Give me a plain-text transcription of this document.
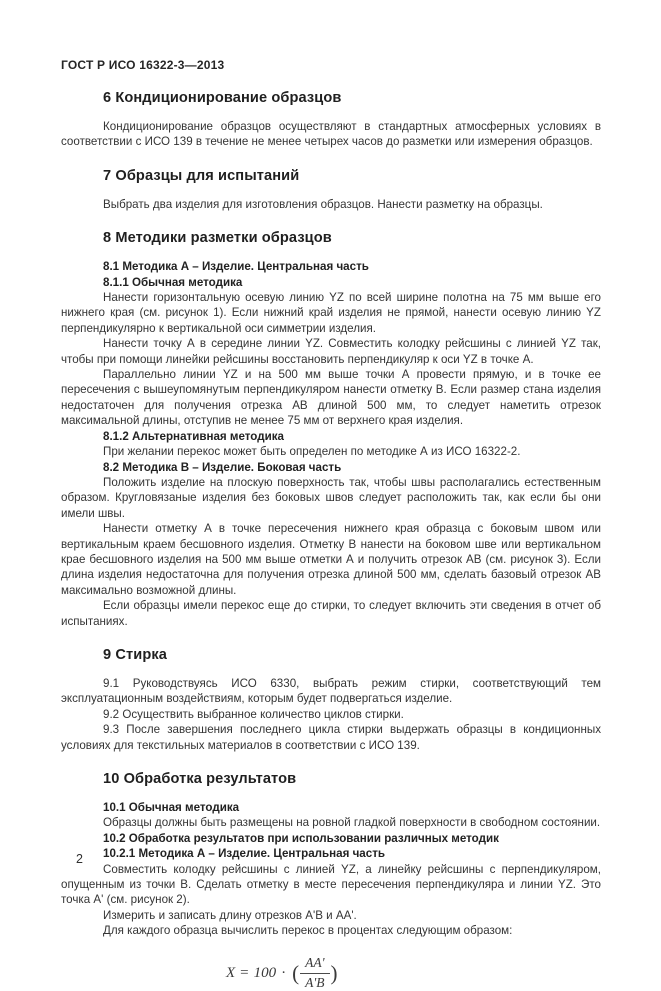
ГОСТ Р ИСО 16322-3—2013
6 Кондиционирование образцов

Кондиционирование образцов осуществляют в стандартных атмосферных условиях в соответствии с ИСО 139 в течение не менее четырех часов до разметки или измерения образцов.

7 Образцы для испытаний

Выбрать два изделия для изготовления образцов. Нанести разметку на образцы.

8 Методики разметки образцов

8.1 Методика А – Изделие. Центральная часть

8.1.1 Обычная методика

Нанести горизонтальную осевую линию YZ по всей ширине полотна на 75 мм выше его нижнего края (см. рисунок 1). Если нижний край изделия не прямой, нанести осевую линию YZ перпендикулярно к вертикальной оси симметрии изделия.

Нанести точку А в середине линии YZ. Совместить колодку рейсшины с линией YZ так, чтобы при помощи линейки рейсшины восстановить перпендикуляр к оси YZ в точке А.

Параллельно линии YZ и на 500 мм выше точки А провести прямую, и в точке ее пересечения с вышеупомянутым перпендикуляром нанести отметку В. Если размер стана изделия недостаточен для получения отрезка АВ длиной 500 мм, то следует наметить отрезок максимальной длины, отступив не менее 75 мм от верхнего края изделия.

8.1.2 Альтернативная методика

При желании перекос может быть определен по методике А из ИСО 16322-2.

8.2 Методика В – Изделие. Боковая часть

Положить изделие на плоскую поверхность так, чтобы швы располагались естественным образом. Кругловязаные изделия без боковых швов следует расположить так, как если бы они имели швы.

Нанести отметку А в точке пересечения нижнего края образца с боковым швом или вертикальным краем бесшовного изделия. Отметку В нанести на боковом шве или вертикальном крае бесшовного изделия на 500 мм выше отметки А и получить отрезок АВ (см. рисунок 3). Если длина изделия недостаточна для получения отрезка длиной 500 мм, сделать базовый отрезок АВ максимально возможной длины.

Если образцы имели перекос еще до стирки, то следует включить эти сведения в отчет об испытаниях.

9 Стирка

9.1 Руководствуясь ИСО 6330, выбрать режим стирки, соответствующий тем эксплуатационным воздействиям, которым будет подвергаться изделие.

9.2 Осуществить выбранное количество циклов стирки.

9.3 После завершения последнего цикла стирки выдержать образцы в кондиционных условиях для текстильных материалов в соответствии с ИСО 139.

10 Обработка результатов

10.1 Обычная методика

Образцы должны быть размещены на ровной гладкой поверхности в свободном состоянии.

10.2 Обработка результатов при использовании различных методик

10.2.1 Методика А – Изделие. Центральная часть

Совместить колодку рейсшины с линией YZ, а линейку рейсшины с перпендикуляром, опущенным из точки В. Сделать отметку в месте пересечения перпендикуляра и линии YZ. Это точка А' (см. рисунок 2).

Измерить и записать длину отрезков А'В и АА'.

Для каждого образца вычислить перекос в процентах следующим образом:

X = 100 · ( $\frac{AA'}{A'B}$ )
2
